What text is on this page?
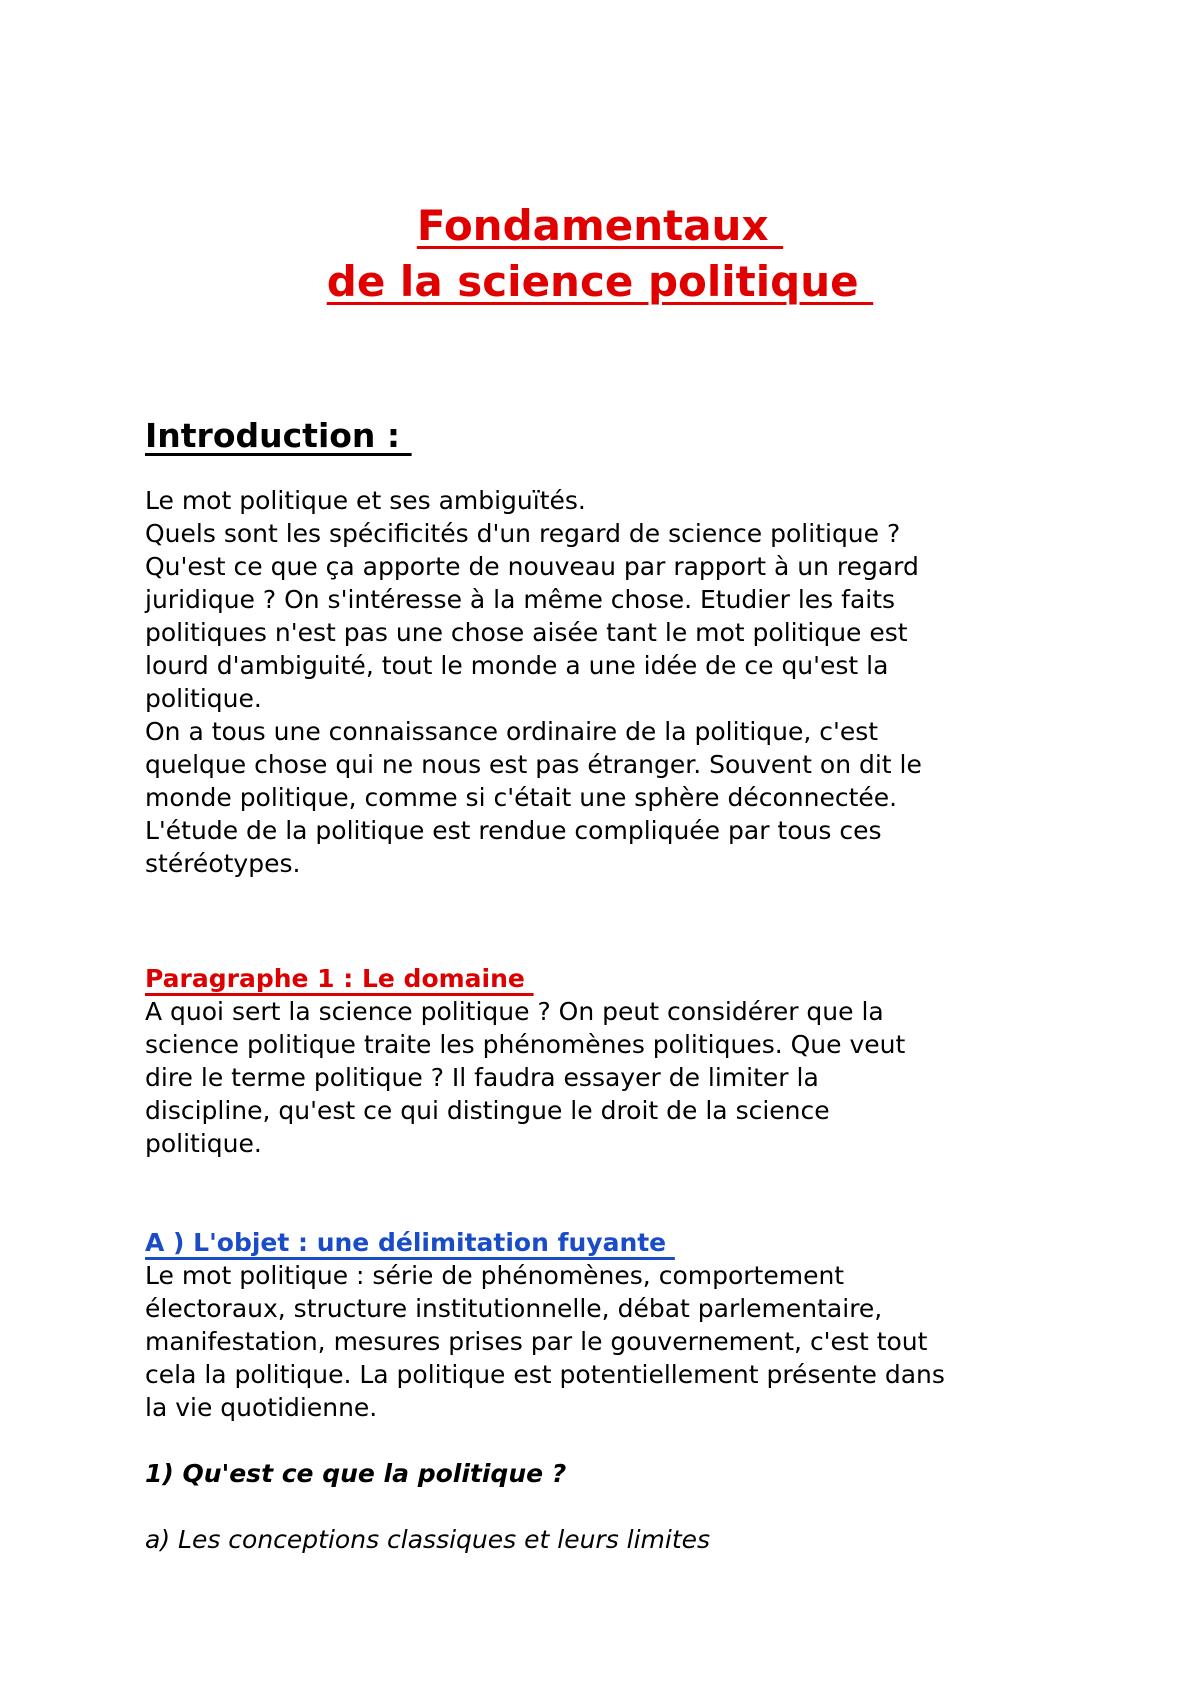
Fondamentaux
de la science politique
Introduction :
Le mot politique et ses ambiguïtés.
Quels sont les spécificités d'un regard de science politique ?
Qu'est ce que ça apporte de nouveau par rapport à un regard
juridique ? On s'intéresse à la même chose. Etudier les faits
politiques n'est pas une chose aisée tant le mot politique est
lourd d'ambiguité, tout le monde a une idée de ce qu'est la
politique.
On a tous une connaissance ordinaire de la politique, c'est
quelque chose qui ne nous est pas étranger. Souvent on dit le
monde politique, comme si c'était une sphère déconnectée.
L'étude de la politique est rendue compliquée par tous ces
stéréotypes.
Paragraphe 1 : Le domaine
A quoi sert la science politique ? On peut considérer que la
science politique traite les phénomènes politiques. Que veut
dire le terme politique ? Il faudra essayer de limiter la
discipline, qu'est ce qui distingue le droit de la science
politique.
A ) L'objet : une délimitation fuyante
Le mot politique : série de phénomènes, comportement
électoraux, structure institutionnelle, débat parlementaire,
manifestation, mesures prises par le gouvernement, c'est tout
cela la politique. La politique est potentiellement présente dans
la vie quotidienne.
1) Qu'est ce que la politique ?
a) Les conceptions classiques et leurs limites
